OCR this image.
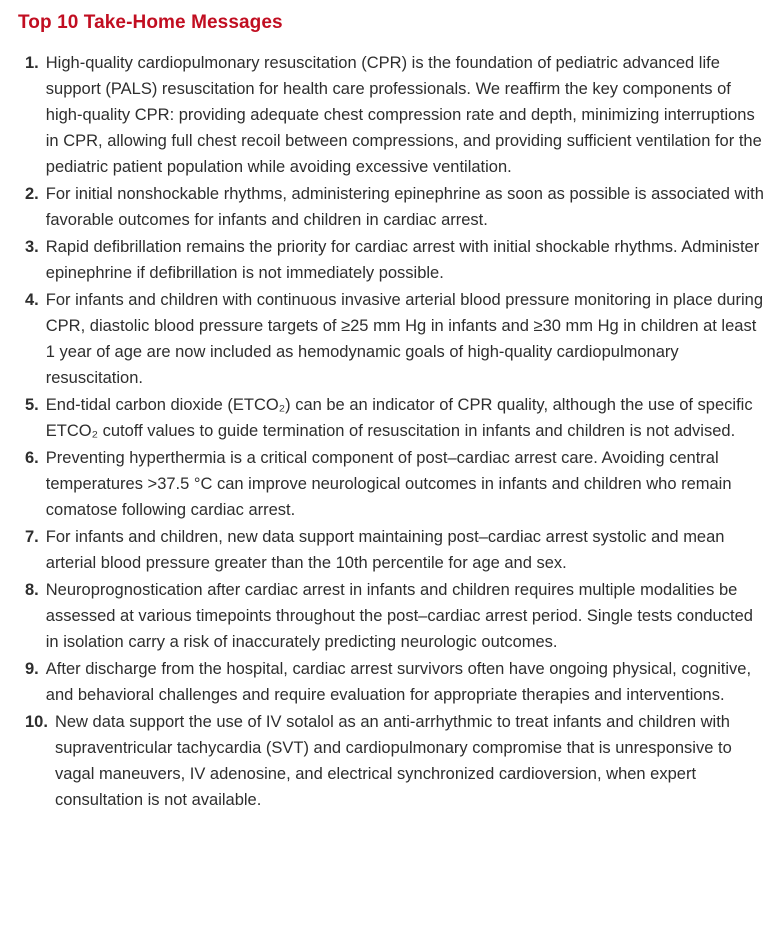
Top 10 Take-Home Messages
1. High-quality cardiopulmonary resuscitation (CPR) is the foundation of pediatric advanced life support (PALS) resuscitation for health care professionals. We reaffirm the key components of high-quality CPR: providing adequate chest compression rate and depth, minimizing interruptions in CPR, allowing full chest recoil between compressions, and providing sufficient ventilation for the pediatric patient population while avoiding excessive ventilation.
2. For initial nonshockable rhythms, administering epinephrine as soon as possible is associated with favorable outcomes for infants and children in cardiac arrest.
3. Rapid defibrillation remains the priority for cardiac arrest with initial shockable rhythms. Administer epinephrine if defibrillation is not immediately possible.
4. For infants and children with continuous invasive arterial blood pressure monitoring in place during CPR, diastolic blood pressure targets of ≥25 mm Hg in infants and ≥30 mm Hg in children at least 1 year of age are now included as hemodynamic goals of high-quality cardiopulmonary resuscitation.
5. End-tidal carbon dioxide (ETCO₂) can be an indicator of CPR quality, although the use of specific ETCO₂ cutoff values to guide termination of resuscitation in infants and children is not advised.
6. Preventing hyperthermia is a critical component of post–cardiac arrest care. Avoiding central temperatures >37.5 °C can improve neurological outcomes in infants and children who remain comatose following cardiac arrest.
7. For infants and children, new data support maintaining post–cardiac arrest systolic and mean arterial blood pressure greater than the 10th percentile for age and sex.
8. Neuroprognostication after cardiac arrest in infants and children requires multiple modalities be assessed at various timepoints throughout the post–cardiac arrest period. Single tests conducted in isolation carry a risk of inaccurately predicting neurologic outcomes.
9. After discharge from the hospital, cardiac arrest survivors often have ongoing physical, cognitive, and behavioral challenges and require evaluation for appropriate therapies and interventions.
10. New data support the use of IV sotalol as an anti-arrhythmic to treat infants and children with supraventricular tachycardia (SVT) and cardiopulmonary compromise that is unresponsive to vagal maneuvers, IV adenosine, and electrical synchronized cardioversion, when expert consultation is not available.
